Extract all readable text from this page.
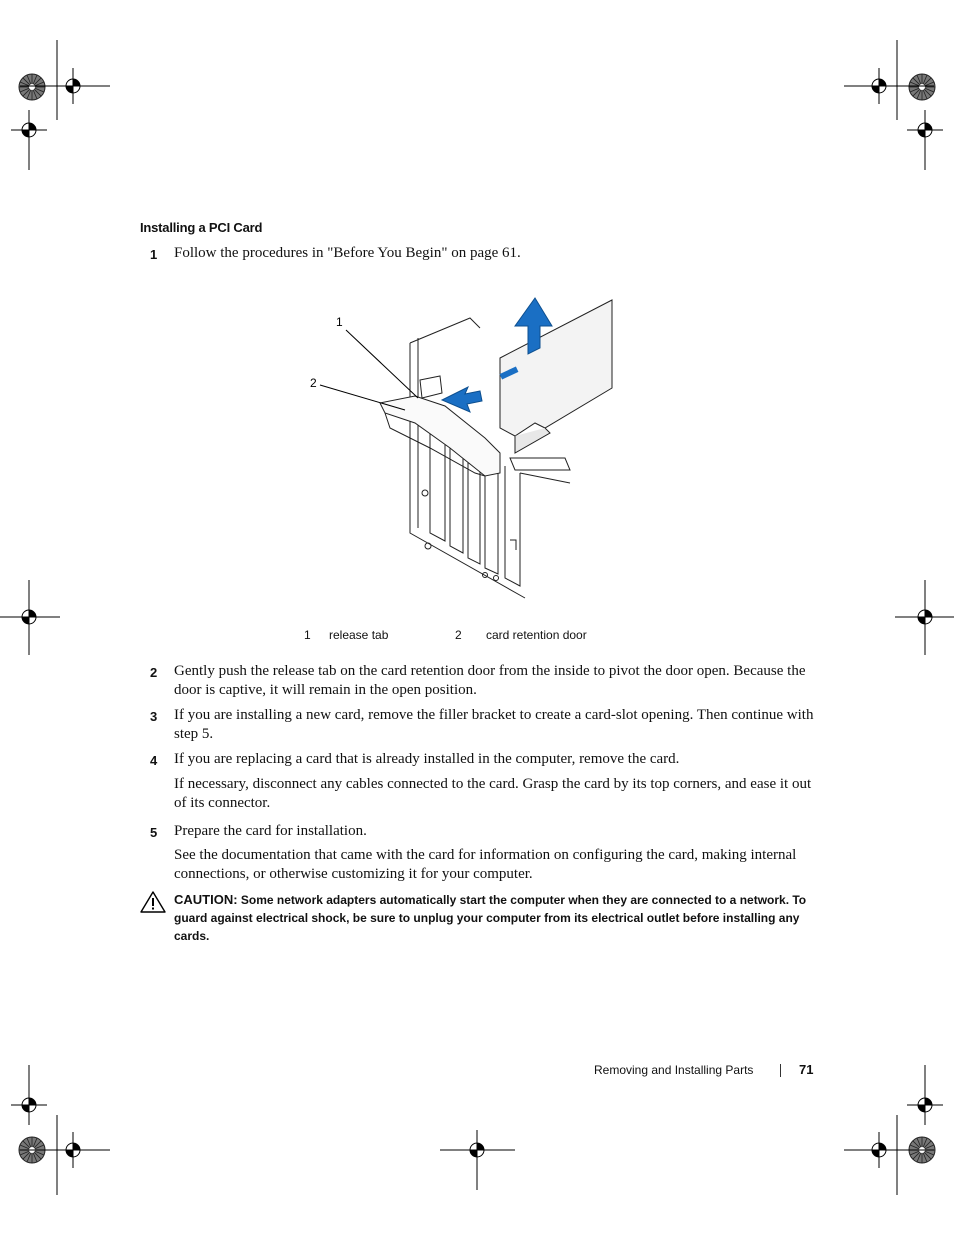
Installing a PCI Card
1 Follow the procedures in "Before You Begin" on page 61.
1
2
1 release tab	2 card retention door
2 Gently push the release tab on the card retention door from the inside to pivot the door open. Because the door is captive, it will remain in the open position.
3 If you are installing a new card, remove the filler bracket to create a card-slot opening. Then continue with step 5.
4 If you are replacing a card that is already installed in the computer, remove the card.
If necessary, disconnect any cables connected to the card. Grasp the card by its top corners, and ease it out of its connector.
5 Prepare the card for installation.
See the documentation that came with the card for information on configuring the card, making internal connections, or otherwise customizing it for your computer.
CAUTION: Some network adapters automatically start the computer when they are connected to a network. To guard against electrical shock, be sure to unplug your computer from its electrical outlet before installing any cards.
Removing and Installing Parts	71
